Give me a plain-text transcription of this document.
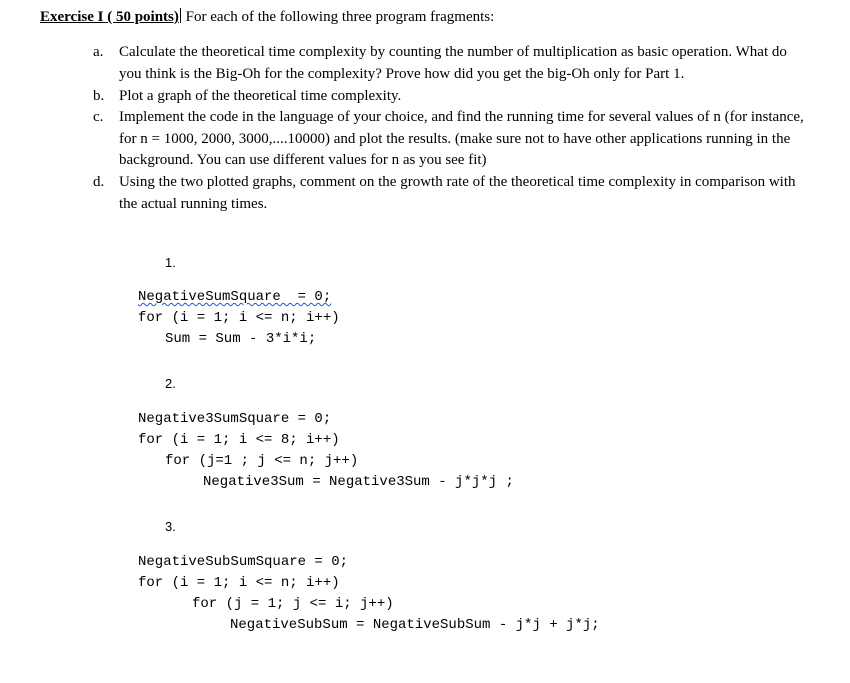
Exercise I ( 50 points) For each of the following three program fragments:
a. Calculate the theoretical time complexity by counting the number of multiplication as basic operation. What do you think is the Big-Oh for the complexity? Prove how did you get the big-Oh only for Part 1.
b. Plot a graph of the theoretical time complexity.
c. Implement the code in the language of your choice, and find the running time for several values of n (for instance, for n = 1000, 2000, 3000,....10000) and plot the results. (make sure not to have other applications running in the background. You can use different values for n as you see fit)
d. Using the two plotted graphs, comment on the growth rate of the theoretical time complexity in comparison with the actual running times.
1.
NegativeSumSquare  = 0;
for (i = 1; i <= n; i++)
Sum = Sum - 3*i*i;
2.
Negative3SumSquare = 0;
for (i = 1; i <= 8; i++)
for (j=1 ; j <= n; j++)
Negative3Sum = Negative3Sum - j*j*j ;
3.
NegativeSubSumSquare = 0;
for (i = 1; i <= n; i++)
for (j = 1; j <= i; j++)
NegativeSubSum = NegativeSubSum - j*j + j*j;
